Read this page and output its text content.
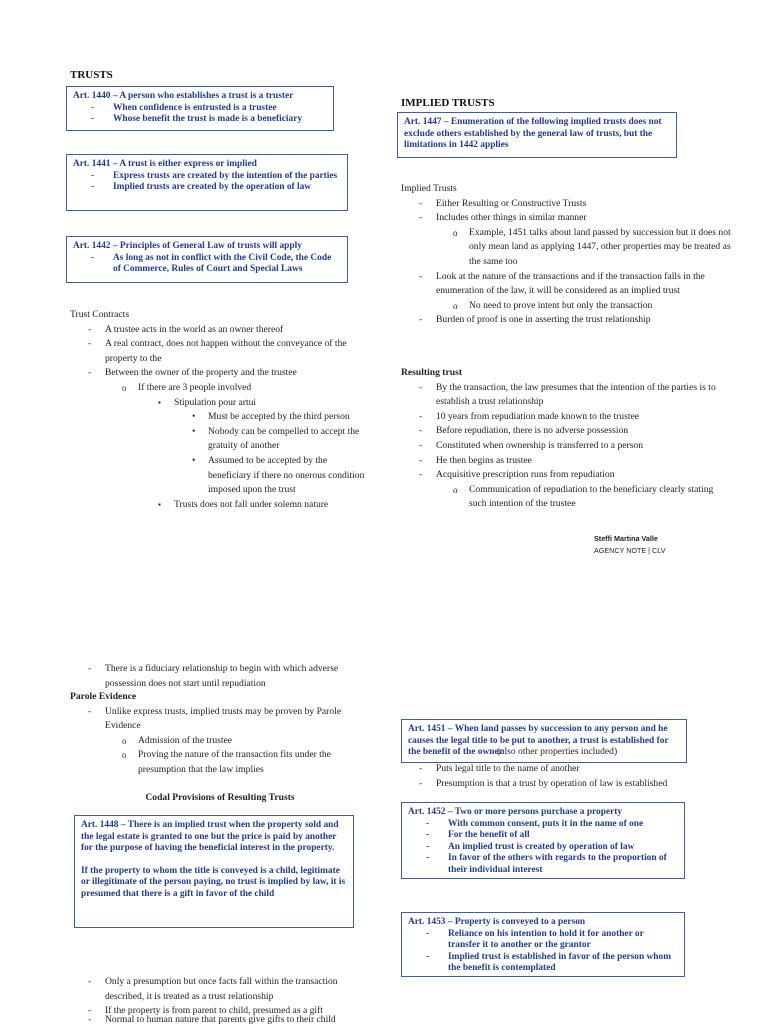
TRUSTS

Art. 1440 – A person who establishes a trust is a truster

- When confidence is entrusted is a trustee
- Whose benefit the trust is made is a beneficiary

Art. 1441 – A trust is either express or implied

- Express trusts are created by the intention of the parties
- Implied trusts are created by the operation of law

Art. 1442 – Principles of General Law of trusts will apply

- As long as not in conflict with the Civil Code, the Code of Commerce, Rules of Court and Special Laws
Trust Contracts
- A trustee acts in the world as an owner thereof
- A real contract, does not happen without the conveyance of the property to the
- Between the owner of the property and the trustee
o If there are 3 people involved
▪ Stipulation pour artui
• Must be accepted by the third person
• Nobody can be compelled to accept the gratuity of another
• Assumed to be accepted by the beneficiary if there no onerous condition imposed upon the trust
▪ Trusts does not fall under solemn nature
- There is a fiduciary relationship to begin with which adverse possession does not start until repudiation
Parole Evidence
- Unlike express trusts, implied trusts may be proven by Parole Evidence
o Admission of the trustee
o Proving the nature of the transaction fits under the presumption that the law implies
Codal Provisions of Resulting Trusts

Art. 1448 – There is an implied trust when the property sold and the legal estate is granted to one but the price is paid by another for the purpose of having the beneficial interest in the property.

If the property to whom the title is conveyed is a child, legitimate or illegitimate of the person paying, no trust is implied by law, it is presumed that there is a gift in favor of the child

- Only a presumption but once facts fall within the transaction described, it is treated as a trust relationship
- If the property is from parent to child, presumed as a gift
- Normal to human nature that parents give gifts to their child
IMPLIED TRUSTS

Art. 1447 – Enumeration of the following implied trusts does not exclude others established by the general law of trusts, but the limitations in 1442 applies

Implied Trusts
- Either Resulting or Constructive Trusts
- Includes other things in similar manner
o Example, 1451 talks about land passed by succession but it does not only mean land as applying 1447, other properties may be treated as the same too
- Look at the nature of the transactions and if the transaction falls in the enumeration of the law, it will be considered as an implied trust
o No need to prove intent but only the transaction
- Burden of proof is one in asserting the trust relationship
Resulting trust
- By the transaction, the law presumes that the intention of the parties is to establish a trust relationship
- 10 years from repudiation made known to the trustee
- Before repudiation, there is no adverse possession
- Constituted when ownership is transferred to a person
- He then begins as trustee
- Acquisitive prescription runs from repudiation
o Communication of repudiation to the beneficiary clearly stating such intention of the trustee
Steffi Martina Valle
AGENCY NOTE | CLV

Art. 1451 – When land passes by succession to any person and he causes the legal title to be put to another, a trust is established for the benefit of the owner

(also other properties included)
- Puts legal title to the name of another
- Presumption is that a trust by operation of law is established

Art. 1452 – Two or more persons purchase a property

- With common consent, puts it in the name of one
- For the benefit of all
- An implied trust is created by operation of law
- In favor of the others with regards to the proportion of their individual interest

Art. 1453 – Property is conveyed to a person

- Reliance on his intention to hold it for another or transfer it to another or the grantor
- Implied trust is established in favor of the person whom the benefit is contemplated
